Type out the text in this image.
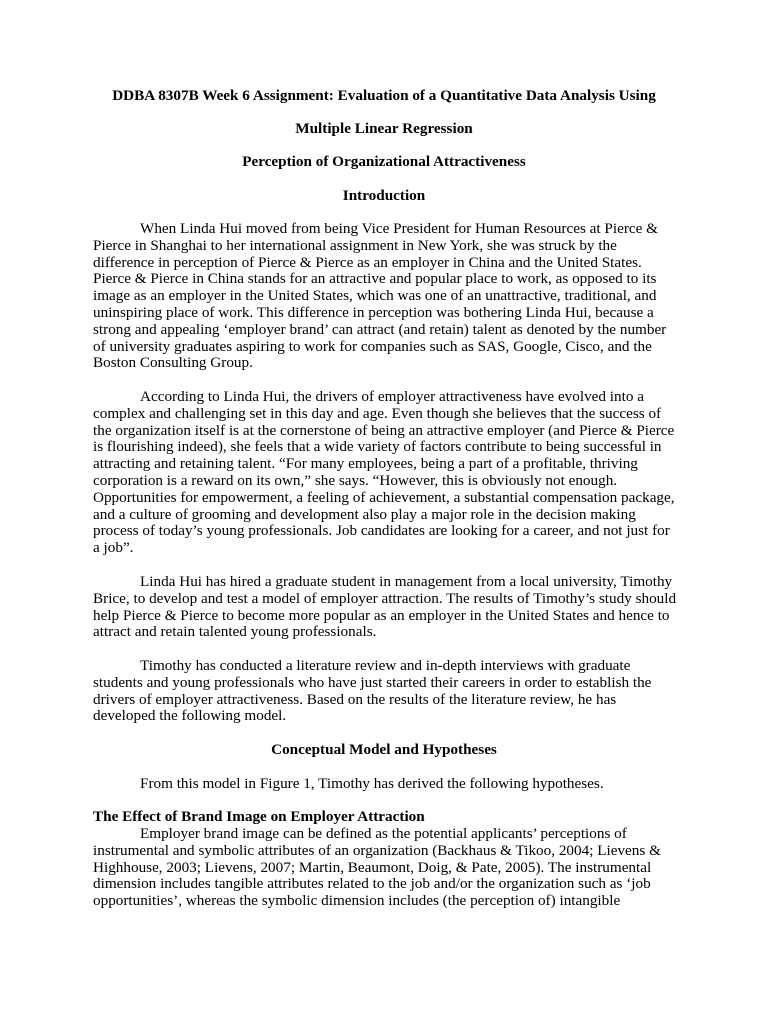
DDBA 8307B Week 6 Assignment: Evaluation of a Quantitative Data Analysis Using

Multiple Linear Regression

Perception of Organizational Attractiveness

Introduction

When Linda Hui moved from being Vice President for Human Resources at Pierce & Pierce in Shanghai to her international assignment in New York, she was struck by the difference in perception of Pierce & Pierce as an employer in China and the United States. Pierce & Pierce in China stands for an attractive and popular place to work, as opposed to its image as an employer in the United States, which was one of an unattractive, traditional, and uninspiring place of work. This difference in perception was bothering Linda Hui, because a strong and appealing ‘employer brand’ can attract (and retain) talent as denoted by the number of university graduates aspiring to work for companies such as SAS, Google, Cisco, and the Boston Consulting Group.

According to Linda Hui, the drivers of employer attractiveness have evolved into a complex and challenging set in this day and age. Even though she believes that the success of the organization itself is at the cornerstone of being an attractive employer (and Pierce & Pierce is flourishing indeed), she feels that a wide variety of factors contribute to being successful in attracting and retaining talent. “For many employees, being a part of a profitable, thriving corporation is a reward on its own,” she says. “However, this is obviously not enough. Opportunities for empowerment, a feeling of achievement, a substantial compensation package, and a culture of grooming and development also play a major role in the decision making process of today’s young professionals. Job candidates are looking for a career, and not just for a job”.

Linda Hui has hired a graduate student in management from a local university, Timothy Brice, to develop and test a model of employer attraction. The results of Timothy’s study should help Pierce & Pierce to become more popular as an employer in the United States and hence to attract and retain talented young professionals.

Timothy has conducted a literature review and in-depth interviews with graduate students and young professionals who have just started their careers in order to establish the drivers of employer attractiveness. Based on the results of the literature review, he has developed the following model.

Conceptual Model and Hypotheses

From this model in Figure 1, Timothy has derived the following hypotheses.

The Effect of Brand Image on Employer Attraction

Employer brand image can be defined as the potential applicants’ perceptions of instrumental and symbolic attributes of an organization (Backhaus & Tikoo, 2004; Lievens & Highhouse, 2003; Lievens, 2007; Martin, Beaumont, Doig, & Pate, 2005). The instrumental dimension includes tangible attributes related to the job and/or the organization such as ‘job opportunities’, whereas the symbolic dimension includes (the perception of) intangible
